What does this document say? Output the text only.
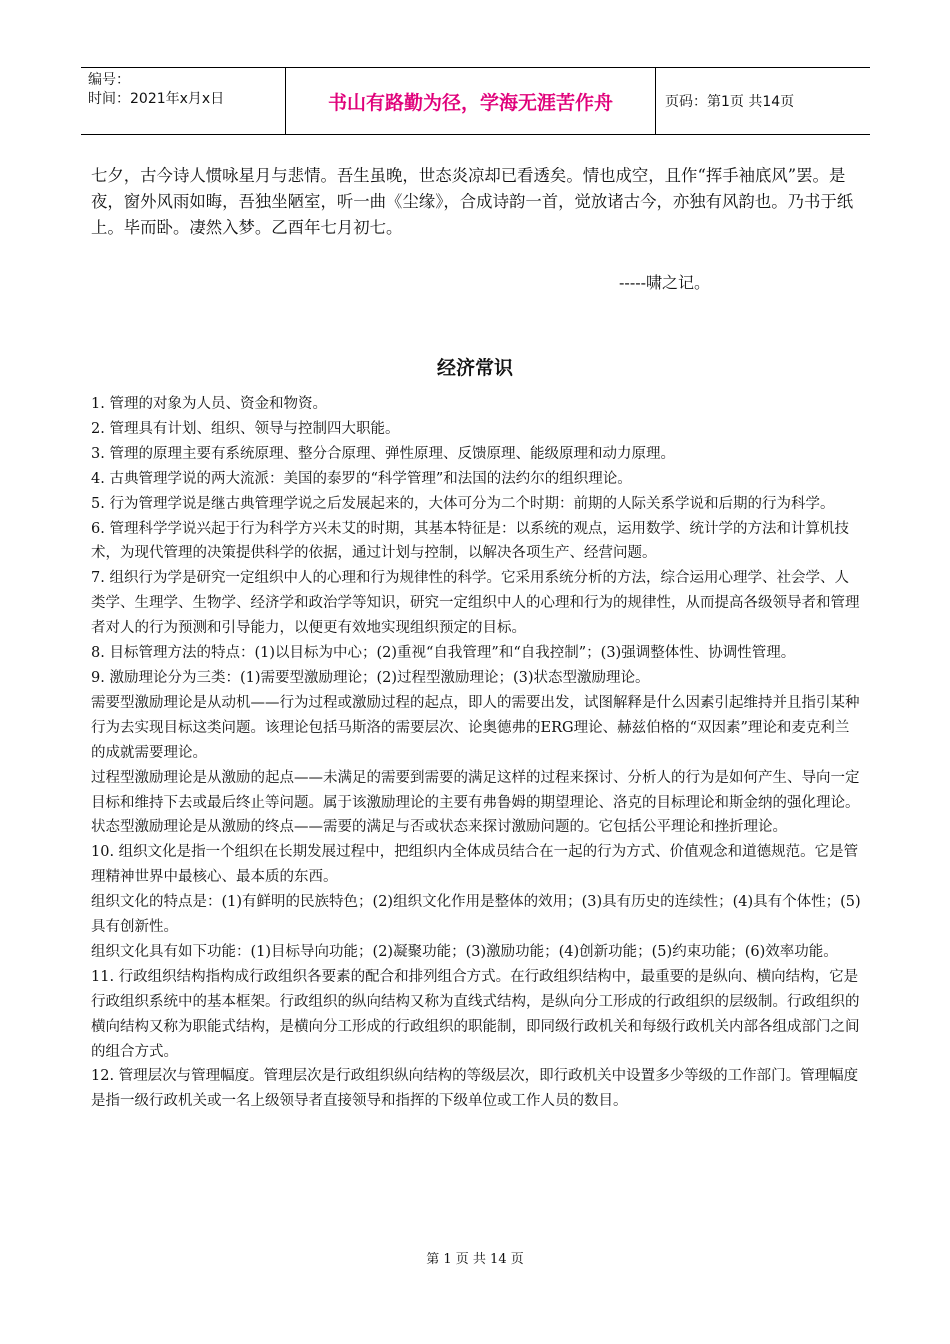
编号：
时间：2021年x月x日	书山有路勤为径，学海无涯苦作舟	页码：第1页 共14页
七夕，古今诗人惯咏星月与悲情。吾生虽晚，世态炎凉却已看透矣。情也成空，且作“挥手袖底风”罢。是夜，窗外风雨如晦，吾独坐陋室，听一曲《尘缘》，合成诗韵一首，觉放诸古今，亦独有风韵也。乃书于纸上。毕而卧。凄然入梦。乙酉年七月初七。
-----啸之记。
经济常识

1. 管理的对象为人员、资金和物资。

2. 管理具有计划、组织、领导与控制四大职能。

3. 管理的原理主要有系统原理、整分合原理、弹性原理、反馈原理、能级原理和动力原理。

4. 古典管理学说的两大流派：美国的泰罗的“科学管理”和法国的法约尔的组织理论。

5. 行为管理学说是继古典管理学说之后发展起来的，大体可分为二个时期：前期的人际关系学说和后期的行为科学。

6. 管理科学学说兴起于行为科学方兴未艾的时期，其基本特征是：以系统的观点，运用数学、统计学的方法和计算机技术，为现代管理的决策提供科学的依据，通过计划与控制，以解决各项生产、经营问题。

7. 组织行为学是研究一定组织中人的心理和行为规律性的科学。它采用系统分析的方法，综合运用心理学、社会学、人类学、生理学、生物学、经济学和政治学等知识，研究一定组织中人的心理和行为的规律性，从而提高各级领导者和管理者对人的行为预测和引导能力，以便更有效地实现组织预定的目标。

8. 目标管理方法的特点：(1)以目标为中心；(2)重视“自我管理”和“自我控制”；(3)强调整体性、协调性管理。

9. 激励理论分为三类：(1)需要型激励理论；(2)过程型激励理论；(3)状态型激励理论。

需要型激励理论是从动机——行为过程或激励过程的起点，即人的需要出发，试图解释是什么因素引起维持并且指引某种行为去实现目标这类问题。该理论包括马斯洛的需要层次、论奥德弗的ERG理论、赫兹伯格的“双因素”理论和麦克利兰的成就需要理论。

过程型激励理论是从激励的起点——未满足的需要到需要的满足这样的过程来探讨、分析人的行为是如何产生、导向一定目标和维持下去或最后终止等问题。属于该激励理论的主要有弗鲁姆的期望理论、洛克的目标理论和斯金纳的强化理论。

状态型激励理论是从激励的终点——需要的满足与否或状态来探讨激励问题的。它包括公平理论和挫折理论。

10. 组织文化是指一个组织在长期发展过程中，把组织内全体成员结合在一起的行为方式、价值观念和道德规范。它是管理精神世界中最核心、最本质的东西。

组织文化的特点是：(1)有鲜明的民族特色；(2)组织文化作用是整体的效用；(3)具有历史的连续性；(4)具有个体性；(5)具有创新性。

组织文化具有如下功能：(1)目标导向功能；(2)凝聚功能；(3)激励功能；(4)创新功能；(5)约束功能；(6)效率功能。

11. 行政组织结构指构成行政组织各要素的配合和排列组合方式。在行政组织结构中，最重要的是纵向、横向结构，它是行政组织系统中的基本框架。行政组织的纵向结构又称为直线式结构，是纵向分工形成的行政组织的层级制。行政组织的横向结构又称为职能式结构，是横向分工形成的行政组织的职能制，即同级行政机关和每级行政机关内部各组成部门之间的组合方式。

12. 管理层次与管理幅度。管理层次是行政组织纵向结构的等级层次，即行政机关中设置多少等级的工作部门。管理幅度是指一级行政机关或一名上级领导者直接领导和指挥的下级单位或工作人员的数目。

第 1 页 共 14 页
